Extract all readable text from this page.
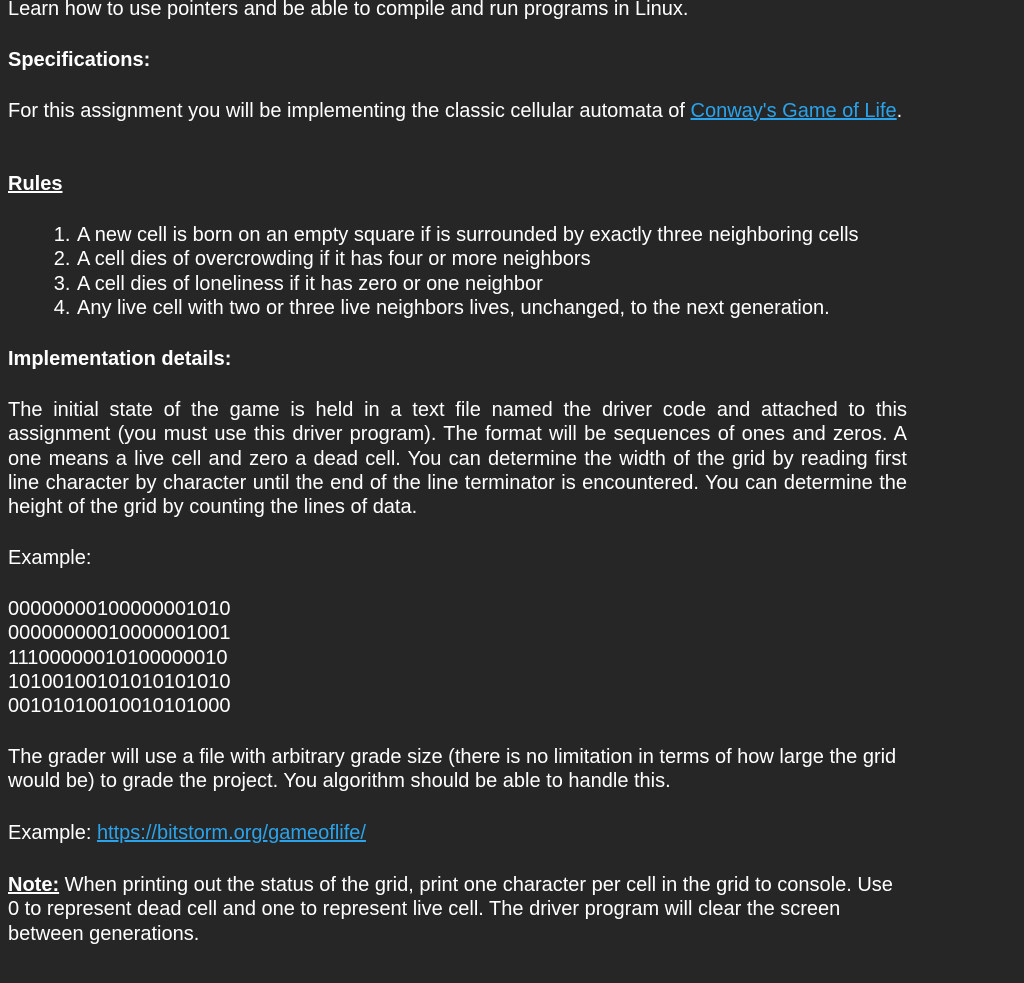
Learn how to use pointers and be able to compile and run programs in Linux.

Specifications:

For this assignment you will be implementing the classic cellular automata of Conway's Game of Life.

Rules

1. A new cell is born on an empty square if is surrounded by exactly three neighboring cells
2. A cell dies of overcrowding if it has four or more neighbors
3. A cell dies of loneliness if it has zero or one neighbor
4. Any live cell with two or three live neighbors lives, unchanged, to the next generation.

Implementation details:

The initial state of the game is held in a text file named the driver code and attached to this assignment (you must use this driver program). The format will be sequences of ones and zeros. A one means a live cell and zero a dead cell. You can determine the width of the grid by reading first line character by character until the end of the line terminator is encountered. You can determine the height of the grid by counting the lines of data.

Example:

00000000100000001010
00000000010000001001
11100000010100000010
10100100101010101010
00101010010010101000

The grader will use a file with arbitrary grade size (there is no limitation in terms of how large the grid would be) to grade the project. You algorithm should be able to handle this.

Example: https://bitstorm.org/gameoflife/

Note: When printing out the status of the grid, print one character per cell in the grid to console. Use 0 to represent dead cell and one to represent live cell. The driver program will clear the screen between generations.
